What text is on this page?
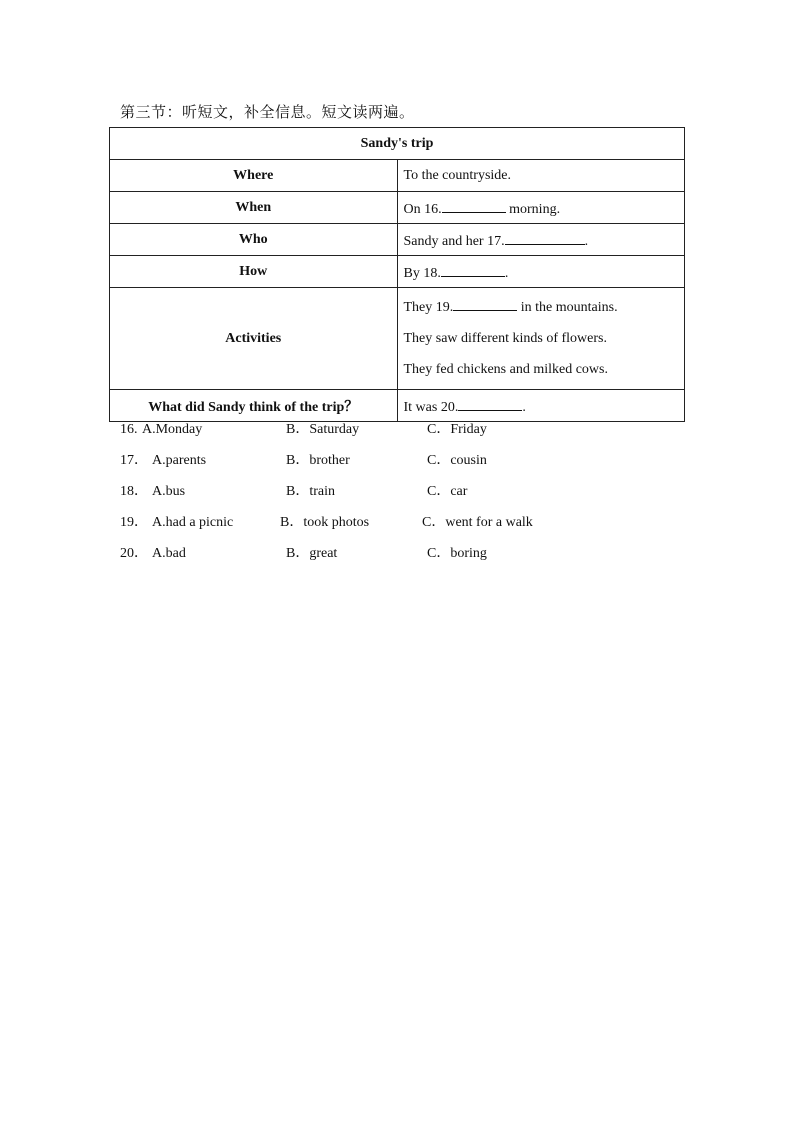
第三节：听短文，补全信息。短文读两遍。
Sandy's trip	
Where	To the countryside.
When	On 16. morning.
Who	Sandy and her 17. .
How	By 18. .
Activities	They 19. in the mountains.
They saw different kinds of flowers.
They fed chickens and milked cows.

What did Sandy think of the trip？	It was 20. .
16. A.Monday	B．Saturday	C．Friday
17． A.parents	B．brother	C．cousin
18． A.bus	B．train	C．car
19． A.had a picnic	B．took photos	C．went for a walk
20． A.bad	B．great	C．boring
